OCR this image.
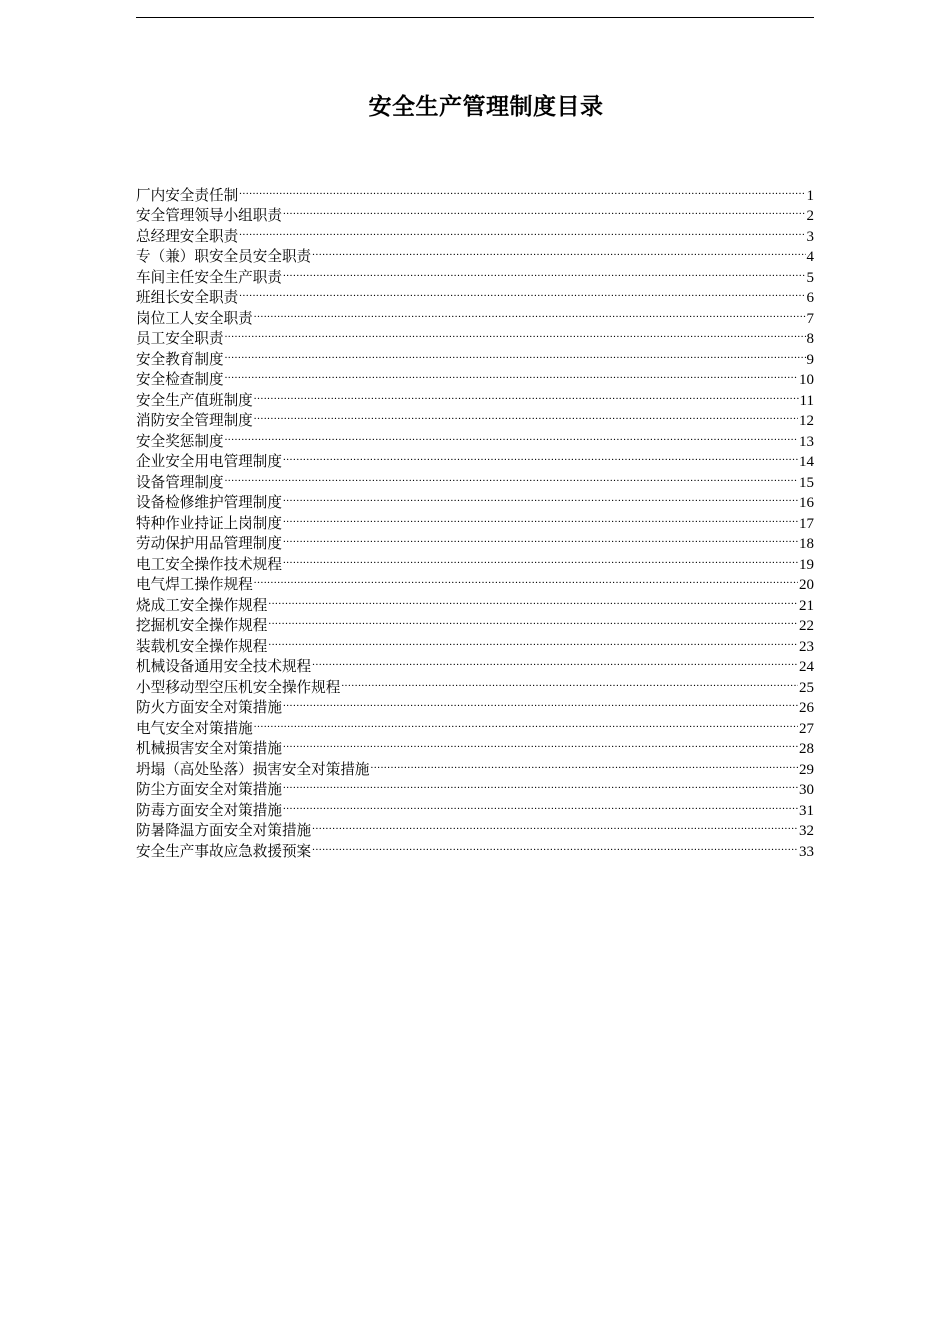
安全生产管理制度目录
厂内安全责任制 .....	1
安全管理领导小组职责 .....	2
总经理安全职责 .....	3
专（兼）职安全员安全职责 .....	4
车间主任安全生产职责 .....	5
班组长安全职责 .....	6
岗位工人安全职责 .....	7
员工安全职责 .....	8
安全教育制度 .....	9
安全检查制度 .....	10
安全生产值班制度 .....	11
消防安全管理制度 .....	12
安全奖惩制度 .....	13
企业安全用电管理制度 .....	14
设备管理制度 .....	15
设备检修维护管理制度 .....	16
特种作业持证上岗制度 .....	17
劳动保护用品管理制度 .....	18
电工安全操作技术规程 .....	19
电气焊工操作规程 .....	20
烧成工安全操作规程 .....	21
挖掘机安全操作规程 .....	22
装载机安全操作规程 .....	23
机械设备通用安全技术规程 .....	24
小型移动型空压机安全操作规程 .....	25
防火方面安全对策措施 .....	26
电气安全对策措施 .....	27
机械损害安全对策措施 .....	28
坍塌（高处坠落）损害安全对策措施 .....	29
防尘方面安全对策措施 .....	30
防毒方面安全对策措施 .....	31
防暑降温方面安全对策措施 .....	32
安全生产事故应急救援预案 .....	33
